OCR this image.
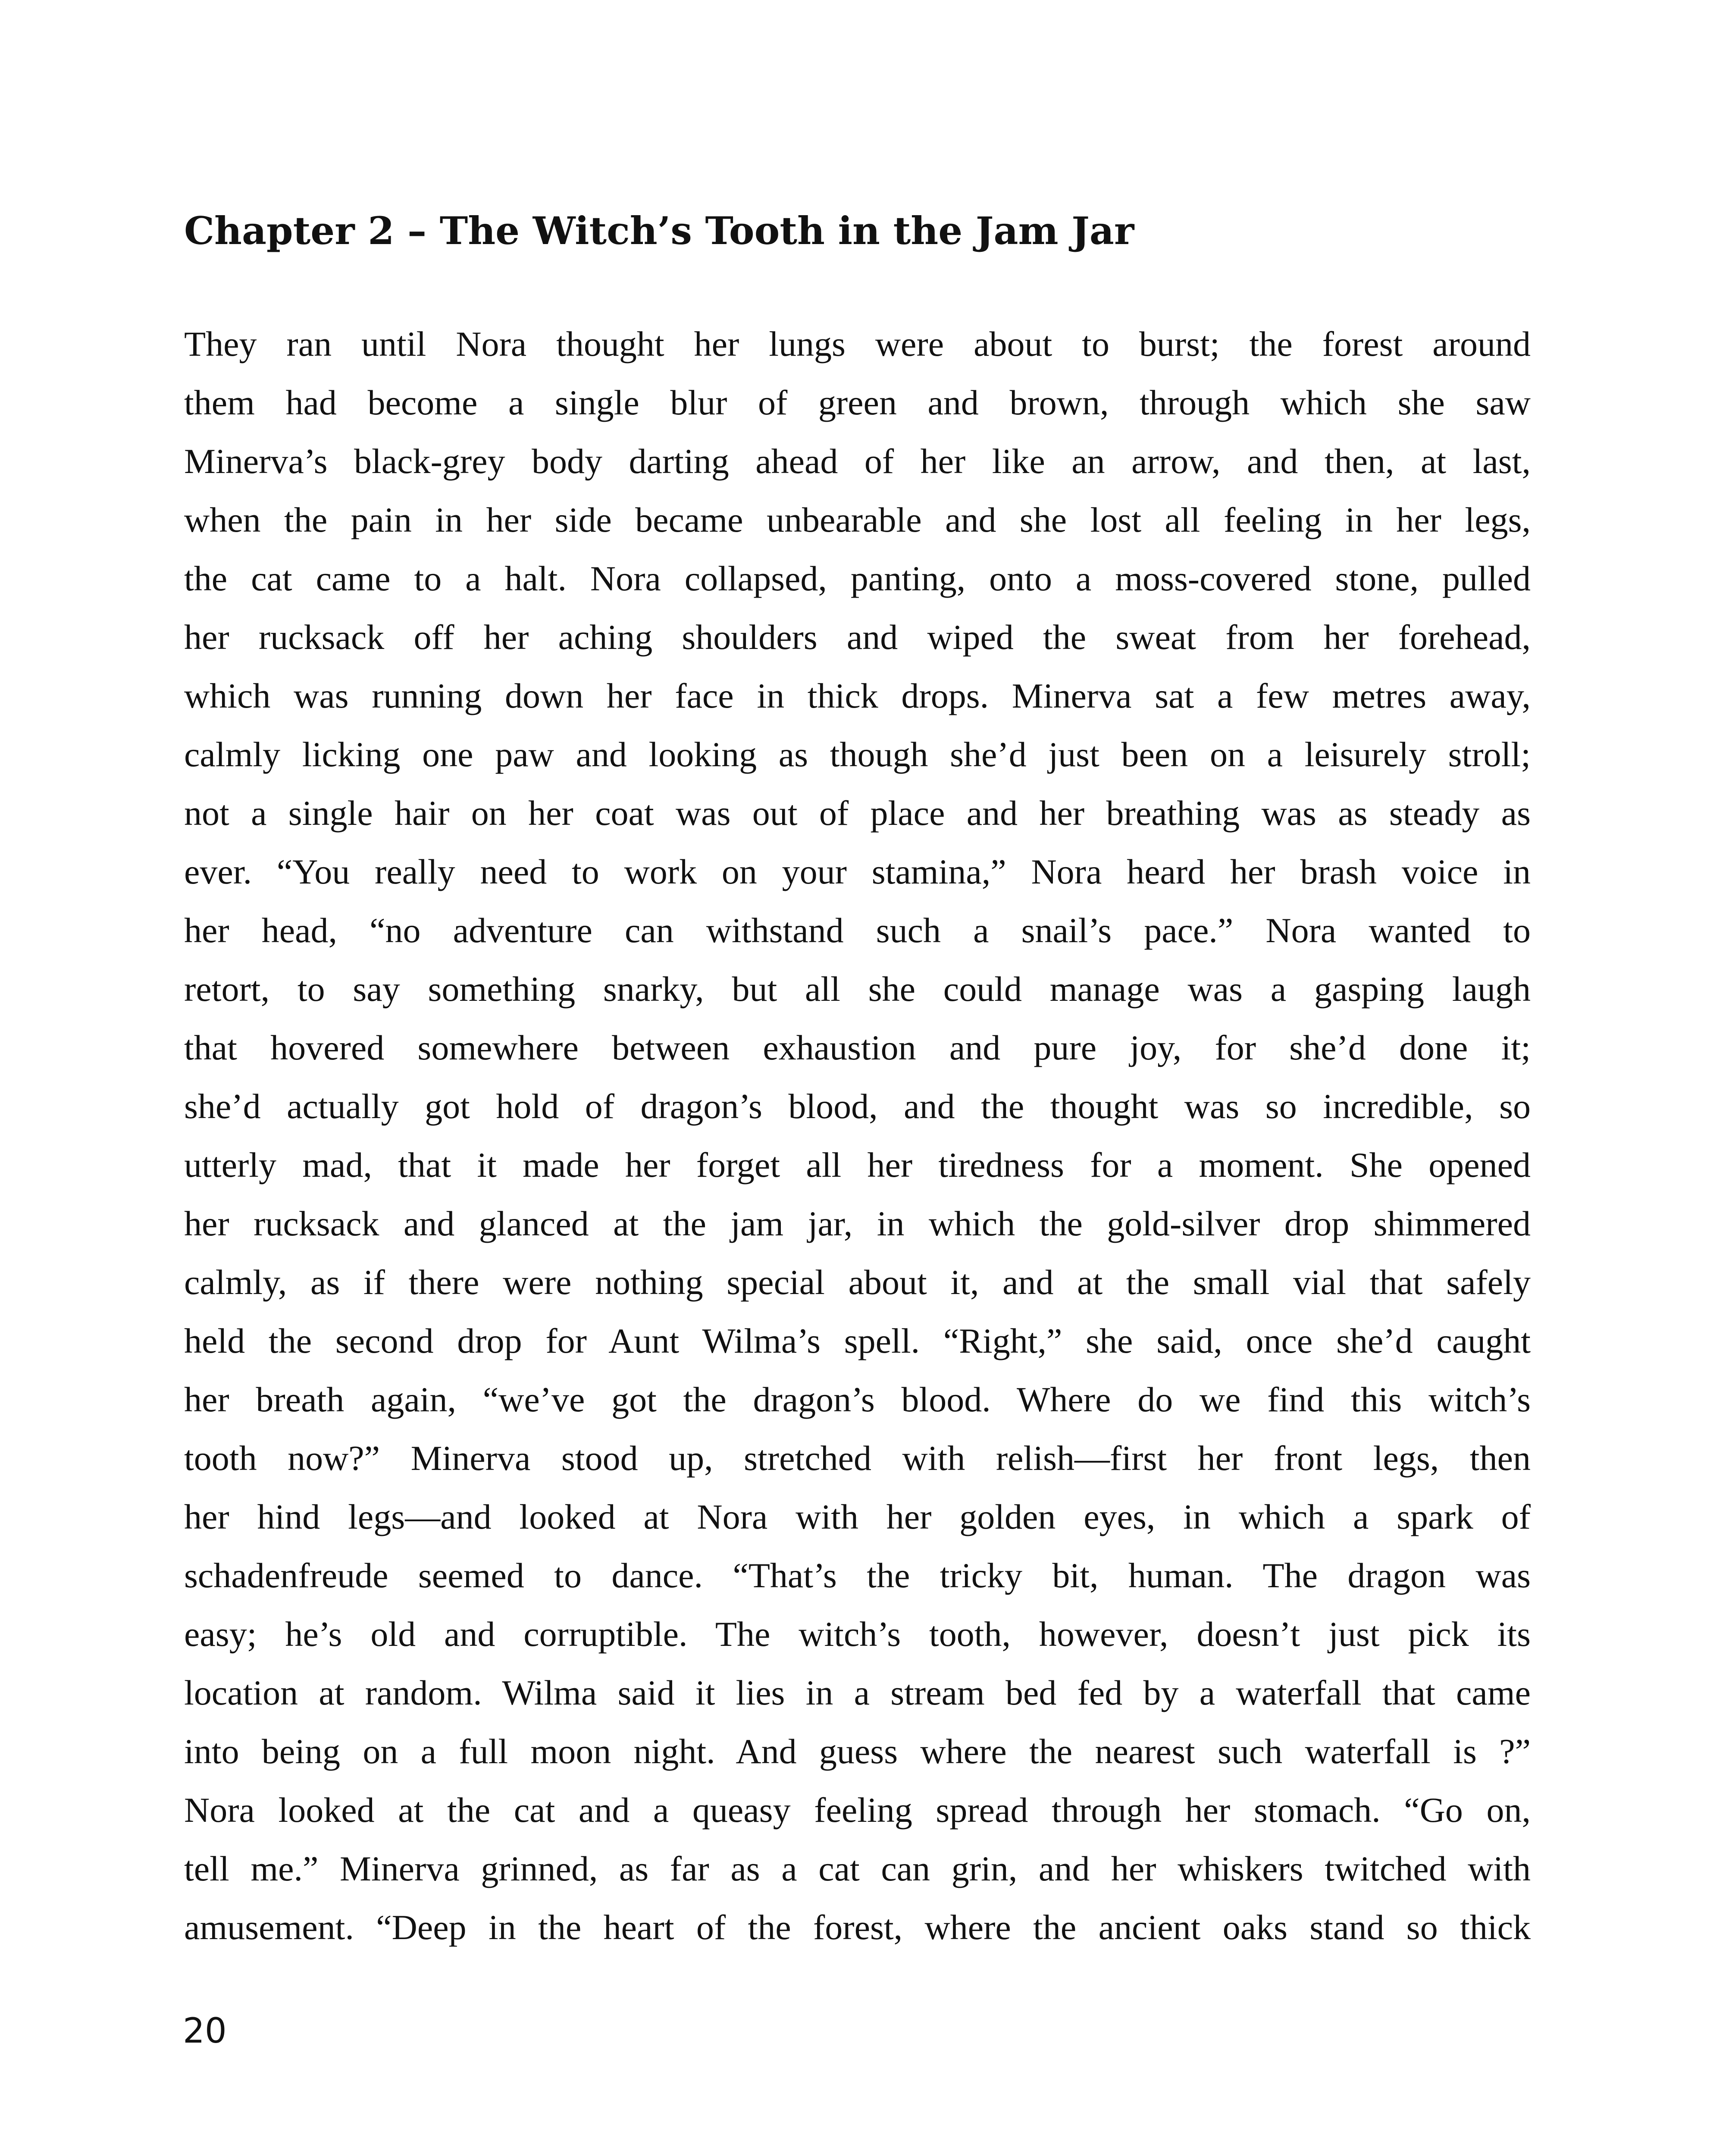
Chapter 2 – The Witch’s Tooth in the Jam Jar
They ran until Nora thought her lungs were about to burst; the forest around
them had become a single blur of green and brown, through which she saw
Minerva’s black-grey body darting ahead of her like an arrow, and then, at last,
when the pain in her side became unbearable and she lost all feeling in her legs,
the cat came to a halt. Nora collapsed, panting, onto a moss-covered stone, pulled
her rucksack off her aching shoulders and wiped the sweat from her forehead,
which was running down her face in thick drops. Minerva sat a few metres away,
calmly licking one paw and looking as though she’d just been on a leisurely stroll;
not a single hair on her coat was out of place and her breathing was as steady as
ever. “You really need to work on your stamina,” Nora heard her brash voice in
her head, “no adventure can withstand such a snail’s pace.” Nora wanted to
retort, to say something snarky, but all she could manage was a gasping laugh
that hovered somewhere between exhaustion and pure joy, for she’d done it;
she’d actually got hold of dragon’s blood, and the thought was so incredible, so
utterly mad, that it made her forget all her tiredness for a moment. She opened
her rucksack and glanced at the jam jar, in which the gold-silver drop shimmered
calmly, as if there were nothing special about it, and at the small vial that safely
held the second drop for Aunt Wilma’s spell. “Right,” she said, once she’d caught
her breath again, “we’ve got the dragon’s blood. Where do we find this witch’s
tooth now?” Minerva stood up, stretched with relish—first her front legs, then
her hind legs—and looked at Nora with her golden eyes, in which a spark of
schadenfreude seemed to dance. “That’s the tricky bit, human. The dragon was
easy; he’s old and corruptible. The witch’s tooth, however, doesn’t just pick its
location at random. Wilma said it lies in a stream bed fed by a waterfall that came
into being on a full moon night. And guess where the nearest such waterfall is ?”
Nora looked at the cat and a queasy feeling spread through her stomach. “Go on,
tell me.” Minerva grinned, as far as a cat can grin, and her whiskers twitched with
amusement. “Deep in the heart of the forest, where the ancient oaks stand so thick
20
